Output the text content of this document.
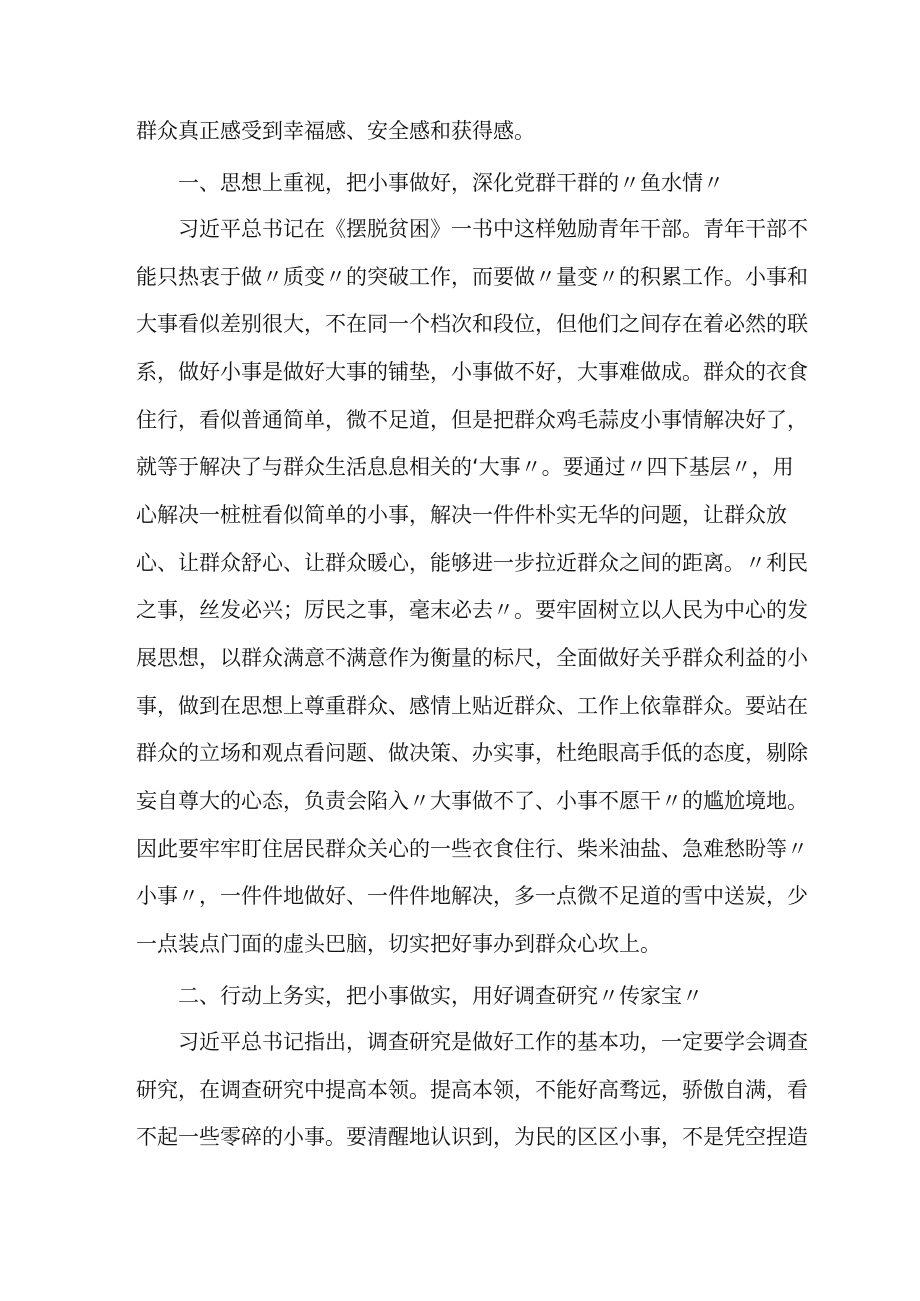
群众真正感受到幸福感、安全感和获得感。
一、思想上重视，把小事做好，深化党群干群的〃鱼水情〃
习近平总书记在《摆脱贫困》一书中这样勉励青年干部。青年干部不
能只热衷于做〃质变〃的突破工作，而要做〃量变〃的积累工作。小事和
大事看似差别很大，不在同一个档次和段位，但他们之间存在着必然的联
系，做好小事是做好大事的铺垫，小事做不好，大事难做成。群众的衣食
住行，看似普通简单，微不足道，但是把群众鸡毛蒜皮小事情解决好了，
就等于解决了与群众生活息息相关的‘大事〃。要通过〃四下基层〃，用
心解决一桩桩看似简单的小事，解决一件件朴实无华的问题，让群众放
心、让群众舒心、让群众暖心，能够进一步拉近群众之间的距离。〃利民
之事，丝发必兴；厉民之事，毫末必去〃。要牢固树立以人民为中心的发
展思想，以群众满意不满意作为衡量的标尺，全面做好关乎群众利益的小
事，做到在思想上尊重群众、感情上贴近群众、工作上依靠群众。要站在
群众的立场和观点看问题、做决策、办实事，杜绝眼高手低的态度，剔除
妄自尊大的心态，负责会陷入〃大事做不了、小事不愿干〃的尴尬境地。
因此要牢牢盯住居民群众关心的一些衣食住行、柴米油盐、急难愁盼等〃
小事〃，一件件地做好、一件件地解决，多一点微不足道的雪中送炭，少
一点装点门面的虚头巴脑，切实把好事办到群众心坎上。
二、行动上务实，把小事做实，用好调查研究〃传家宝〃
习近平总书记指出，调查研究是做好工作的基本功，一定要学会调查
研究，在调查研究中提高本领。提高本领，不能好高骛远，骄傲自满，看
不起一些零碎的小事。要清醒地认识到，为民的区区小事，不是凭空捏造
